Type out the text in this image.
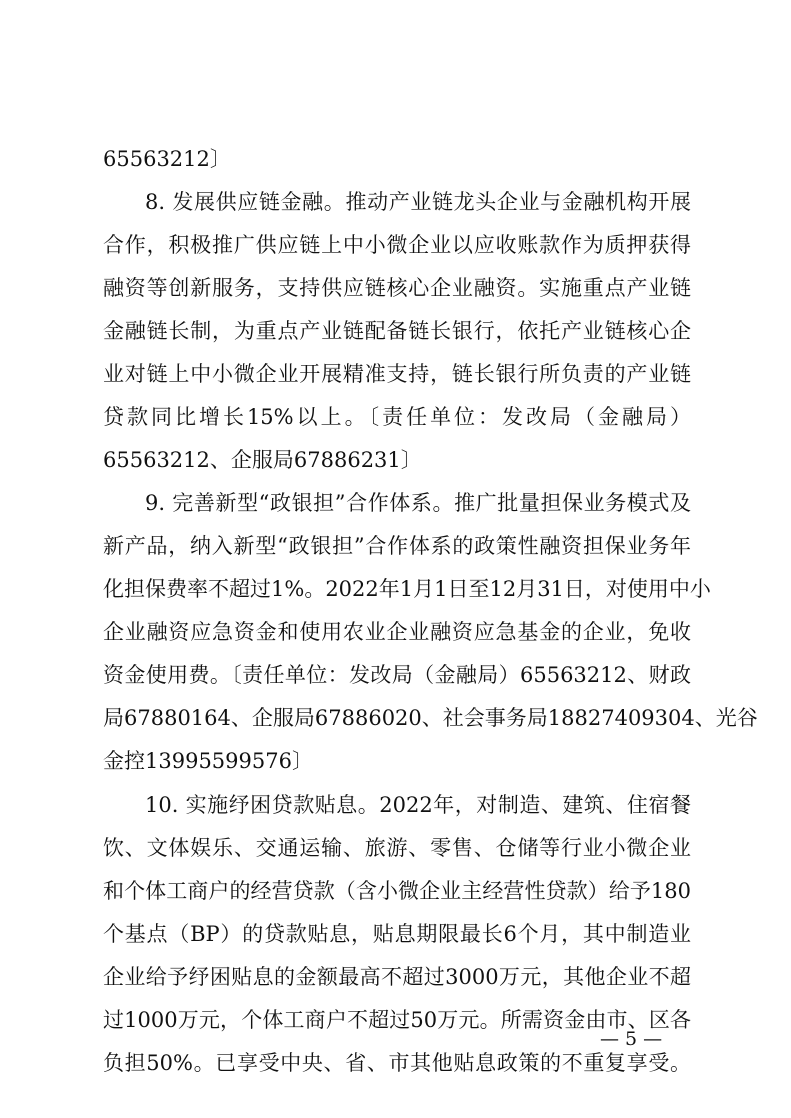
65563212〕
8. 发展供应链金融。推动产业链龙头企业与金融机构开展
合作，积极推广供应链上中小微企业以应收账款作为质押获得
融资等创新服务，支持供应链核心企业融资。实施重点产业链
金融链长制，为重点产业链配备链长银行，依托产业链核心企
业对链上中小微企业开展精准支持，链长银行所负责的产业链
贷款同比增长15%以上。〔责任单位：发改局（金融局）
65563212、企服局67886231〕
9. 完善新型“政银担”合作体系。推广批量担保业务模式及
新产品，纳入新型“政银担”合作体系的政策性融资担保业务年
化担保费率不超过1%。2022年1月1日至12月31日，对使用中小
企业融资应急资金和使用农业企业融资应急基金的企业，免收
资金使用费。〔责任单位：发改局（金融局）65563212、财政
局67880164、企服局67886020、社会事务局18827409304、光谷
金控13995599576〕
10. 实施纾困贷款贴息。2022年，对制造、建筑、住宿餐
饮、文体娱乐、交通运输、旅游、零售、仓储等行业小微企业
和个体工商户的经营贷款（含小微企业主经营性贷款）给予180
个基点（BP）的贷款贴息，贴息期限最长6个月，其中制造业
企业给予纾困贴息的金额最高不超过3000万元，其他企业不超
过1000万元，个体工商户不超过50万元。所需资金由市、区各
负担50%。已享受中央、省、市其他贴息政策的不重复享受。
— 5 —
